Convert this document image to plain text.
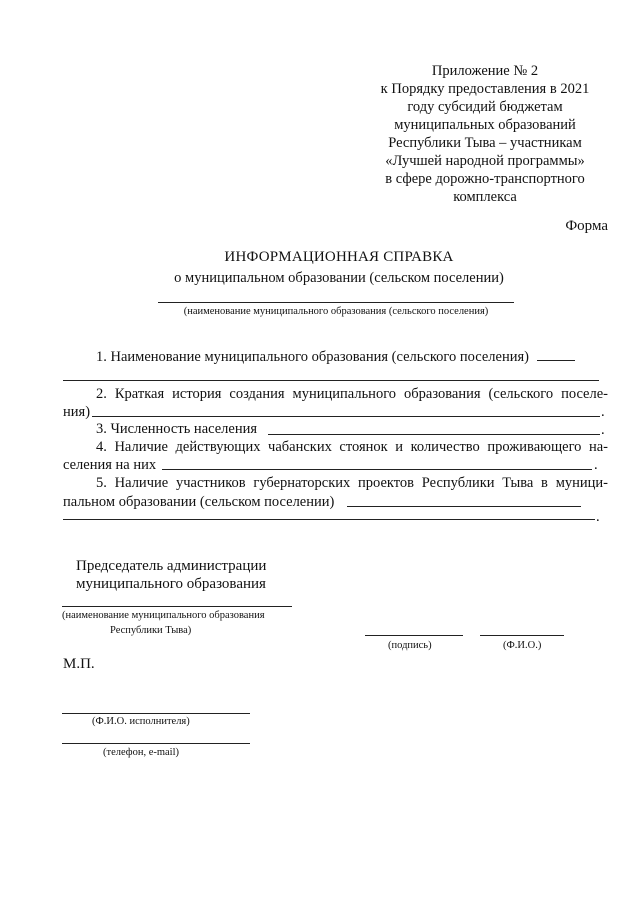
Приложение № 2
к Порядку предоставления в 2021
году субсидий бюджетам
муниципальных образований
Республики Тыва – участникам
«Лучшей народной программы»
в сфере дорожно-транспортного
комплекса
Форма
ИНФОРМАЦИОННАЯ СПРАВКА
о муниципальном образовании (сельском поселении)
(наименование муниципального образования (сельского поселения)
1. Наименование муниципального образования (сельского поселения)
2. Краткая история создания муниципального образования (сельского поселе-
ния)	.
3. Численность населения	.
4. Наличие действующих чабанских стоянок и количество проживающего на-
селения на них	.
5. Наличие участников губернаторских проектов Республики Тыва в муници-
пальном образовании (сельском поселении)
.
Председатель администрации
муниципального образования
(наименование муниципального образования
Республики Тыва)
(подпись)	(Ф.И.О.)
М.П.
(Ф.И.О. исполнителя)
(телефон, e-mail)
